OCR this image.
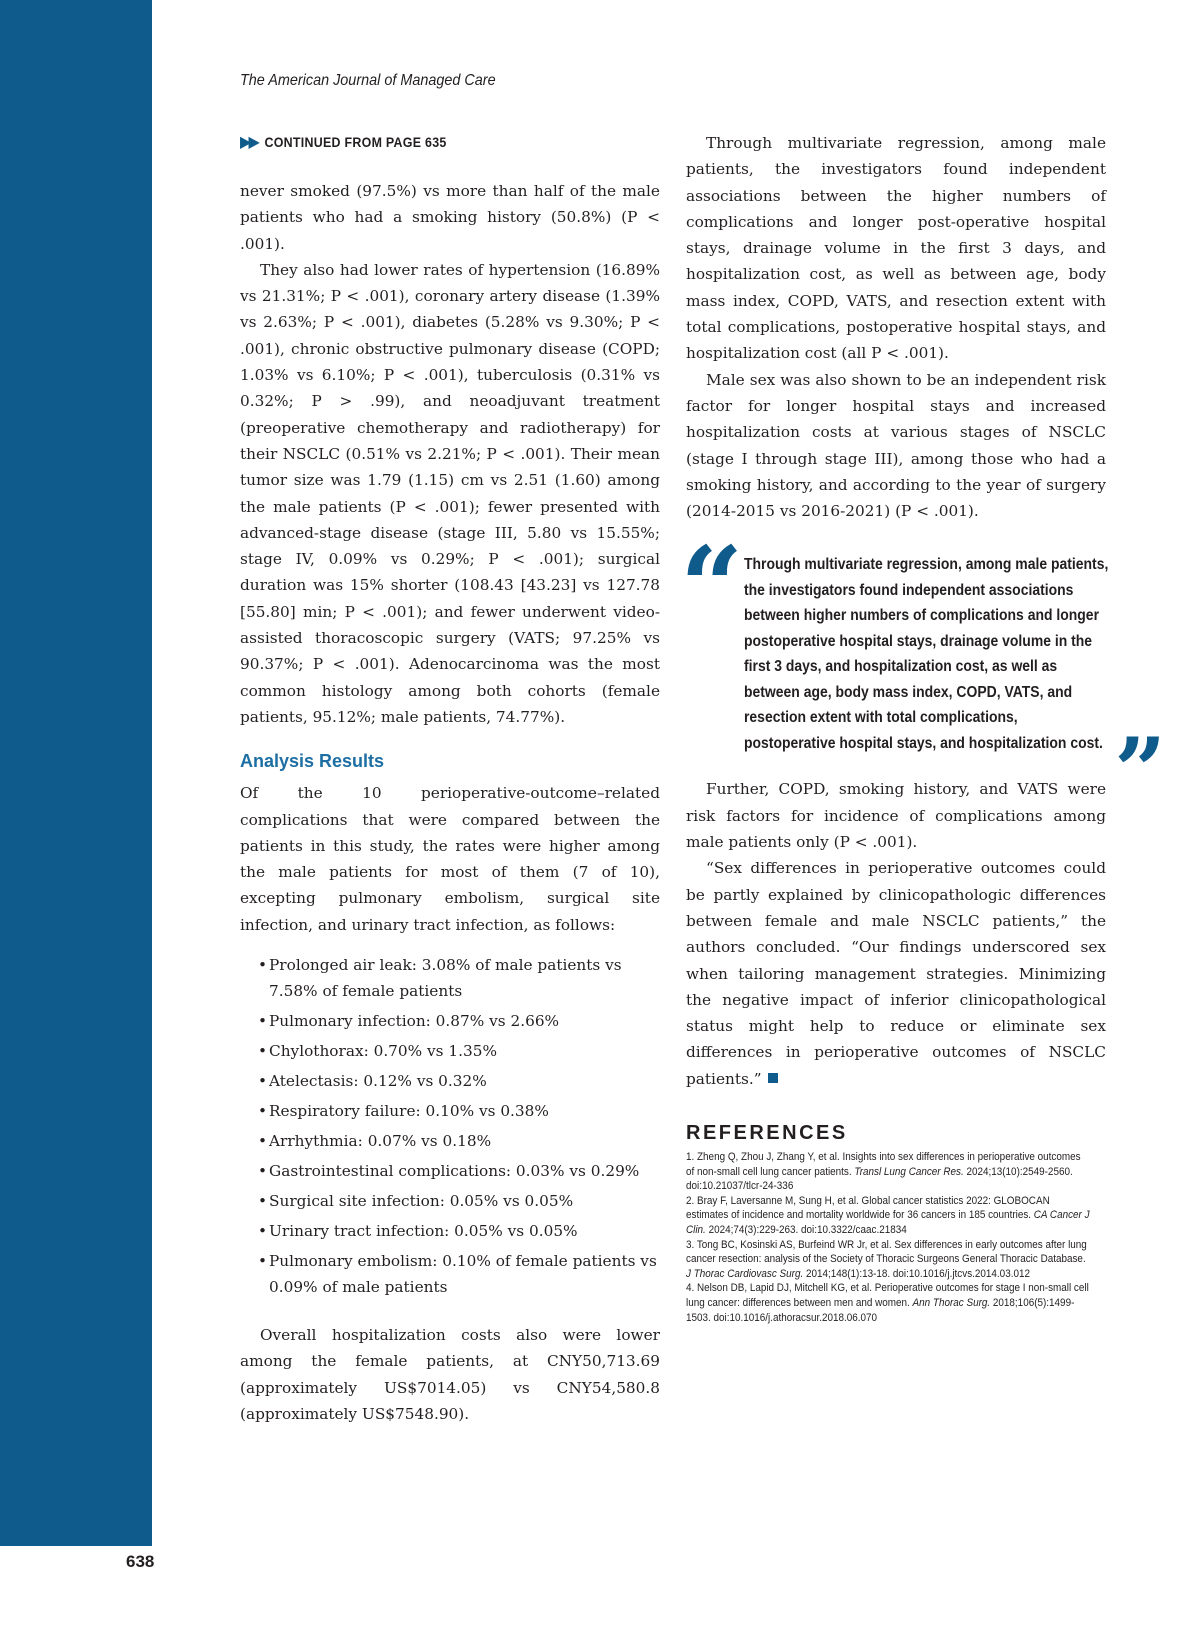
638
The American Journal of Managed Care
▶▶ CONTINUED FROM PAGE 635

never smoked (97.5%) vs more than half of the male patients who had a smoking history (50.8%) (P < .001).

They also had lower rates of hypertension (16.89% vs 21.31%; P < .001), coronary artery disease (1.39% vs 2.63%; P < .001), diabetes (5.28% vs 9.30%; P < .001), chronic obstructive pulmonary disease (COPD; 1.03% vs 6.10%; P < .001), tuberculosis (0.31% vs 0.32%; P > .99), and neoadjuvant treatment (preoperative chemotherapy and radiotherapy) for their NSCLC (0.51% vs 2.21%; P < .001). Their mean tumor size was 1.79 (1.15) cm vs 2.51 (1.60) among the male patients (P < .001); fewer presented with advanced-stage disease (stage III, 5.80 vs 15.55%; stage IV, 0.09% vs 0.29%; P < .001); surgical duration was 15% shorter (108.43 [43.23] vs 127.78 [55.80] min; P < .001); and fewer underwent video-assisted thoracoscopic surgery (VATS; 97.25% vs 90.37%; P < .001). Adenocarcinoma was the most common histology among both cohorts (female patients, 95.12%; male patients, 74.77%).

Analysis Results

Of the 10 perioperative-outcome–related complications that were compared between the patients in this study, the rates were higher among the male patients for most of them (7 of 10), excepting pulmonary embolism, surgical site infection, and urinary tract infection, as follows:

• Prolonged air leak: 3.08% of male patients vs 7.58% of female patients
• Pulmonary infection: 0.87% vs 2.66%
• Chylothorax: 0.70% vs 1.35%
• Atelectasis: 0.12% vs 0.32%
• Respiratory failure: 0.10% vs 0.38%
• Arrhythmia: 0.07% vs 0.18%
• Gastrointestinal complications: 0.03% vs 0.29%
• Surgical site infection: 0.05% vs 0.05%
• Urinary tract infection: 0.05% vs 0.05%
• Pulmonary embolism: 0.10% of female patients vs 0.09% of male patients

Overall hospitalization costs also were lower among the female patients, at CNY50,713.69 (approximately US$7014.05) vs CNY54,580.8 (approximately US$7548.90).

Through multivariate regression, among male patients, the investigators found independent associations between the higher numbers of complications and longer post-operative hospital stays, drainage volume in the first 3 days, and hospitalization cost, as well as between age, body mass index, COPD, VATS, and resection extent with total complications, postoperative hospital stays, and hospitalization cost (all P < .001).

Male sex was also shown to be an independent risk factor for longer hospital stays and increased hospitalization costs at various stages of NSCLC (stage I through stage III), among those who had a smoking history, and according to the year of surgery (2014-2015 vs 2016-2021) (P < .001).

“ Through multivariate regression, among male patients, the investigators found independent associations between higher numbers of complications and longer postoperative hospital stays, drainage volume in the first 3 days, and hospitalization cost, as well as between age, body mass index, COPD, VATS, and resection extent with total complications, postoperative hospital stays, and hospitalization cost. ”

Further, COPD, smoking history, and VATS were risk factors for incidence of complications among male patients only (P < .001).

“Sex differences in perioperative outcomes could be partly explained by clinicopathologic differences between female and male NSCLC patients,” the authors concluded. “Our findings underscored sex when tailoring management strategies. Minimizing the negative impact of inferior clinicopathological status might help to reduce or eliminate sex differences in perioperative outcomes of NSCLC patients.”

REFERENCES

1. Zheng Q, Zhou J, Zhang Y, et al. Insights into sex differences in perioperative outcomes of non-small cell lung cancer patients. Transl Lung Cancer Res. 2024;13(10):2549-2560. doi:10.21037/tlcr-24-336

2. Bray F, Laversanne M, Sung H, et al. Global cancer statistics 2022: GLOBOCAN estimates of incidence and mortality worldwide for 36 cancers in 185 countries. CA Cancer J Clin. 2024;74(3):229-263. doi:10.3322/caac.21834

3. Tong BC, Kosinski AS, Burfeind WR Jr, et al. Sex differences in early outcomes after lung cancer resection: analysis of the Society of Thoracic Surgeons General Thoracic Database. J Thorac Cardiovasc Surg. 2014;148(1):13-18. doi:10.1016/j.jtcvs.2014.03.012

4. Nelson DB, Lapid DJ, Mitchell KG, et al. Perioperative outcomes for stage I non-small cell lung cancer: differences between men and women. Ann Thorac Surg. 2018;106(5):1499-1503. doi:10.1016/j.athoracsur.2018.06.070
